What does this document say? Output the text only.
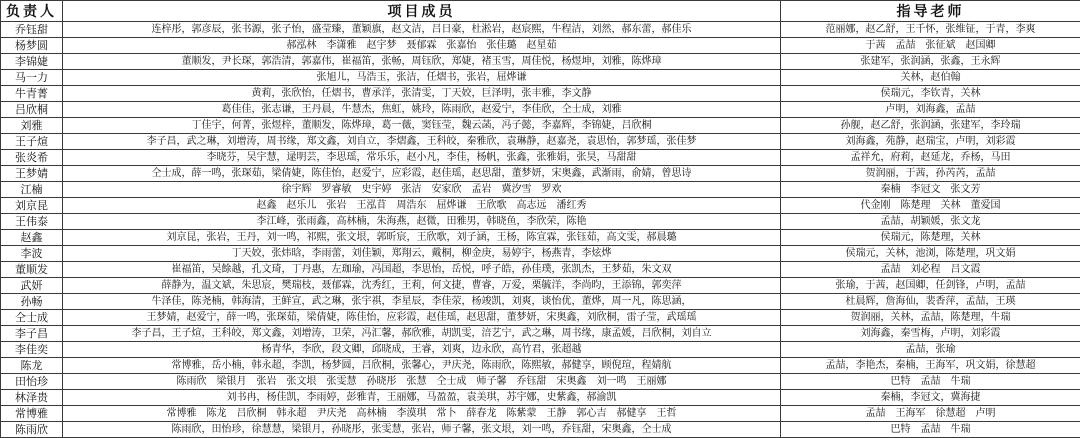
负责人	项目成员	指导老师
乔钰甜	连梓彤，郭彦辰，张书源，张子怡，盛莹臻，董颖旗，赵文洁，吕日豪，杜淞岩，赵宸熙，牛程洁，刘然，郝东蕾，郝佳乐	范丽娜，赵乙舒，王千怀，张维钲，于青，李爽
杨梦圆	郝泓林　李潇雅　赵宇梦　聂郁霖　张嘉怡　张佳璐　赵星茹	于茜　孟喆　张征斌　赵国卿
李锦婕	董顺发，尹长琛，郭浩清，郭嘉伟，崔福笛，张畅，周钰欣，郑婕，褚玉雪，周佳悦，杨煜坤，刘雅，陈烨璋	张建军，张润涵，张鑫，王永辉
马一力	张旭儿，马浩玉，张洁，任熠书，张岩，屈烨谦	关林，赵伯翰
牛青菁	黄莉，张欣怡，任熠书，曹承洋，张清雯，丁天姣，巨泽明，张丰雅，李文静	侯瑞元，李钦青，关林
吕欣桐	葛佳佳，张志谦，王丹晨，牛慧杰，焦虹，姚玲，陈雨欣，赵爱宁，李佳欣，仝士成，刘雅	卢明，刘海鑫，孟喆
刘雅	丁佳宇，何菁，张煜梓，董顺发，陈烨璋，葛一薇，窦钰莹，魏云菡，冯子懿，李嘉辉，李锦婕，吕欣桐	孙舰，赵乙舒，张润涵，张建军，李玲瑞
王子煊	李子昌，武之琳，刘增涛，周书缘，郑文鑫，刘自立，李熠鑫，王科皎，秦雅欣，袁琳静，赵嘉尧，袁思怡，郭梦瑶，张佳梦	刘海鑫，苑静，赵瑞宝，卢明，刘彩霞
张炎希	李晓芬，吴宇慧，逯明芸，李思瑶，常乐乐，赵小凡，李佳，杨帆，张鑫，张雅娟，张昊，马甜甜	孟祥允，府莉，赵延龙，乔杨，马田
王梦婧	仝士成，薛一鸣，张琛茹，梁倩婕，陈佳怡，赵爱宁，应彩霞，赵佳瑶，赵思甜，董梦妍，宋奥鑫，武渐雨，俞婧，曾思诗	贺润丽，于茜，孙芮芮，孟喆
江楠	徐宇辉　罗睿敏　史宇婷　张洁　安家欣　孟岩　冀汐雪　罗欢	秦楠　李冠文　张文芳
刘京昆	赵鑫　赵乐儿　张岩　王泓苜　周浩东　屈烨谦　王欣歌　高志远　潘红秀	代金刚　陈楚理　关林　董爱国
王伟泰	李江峰，张雨鑫，高林楠，朱海燕，赵微，田雅男，韩晓鱼，李欣荣，陈艳	孟喆，胡颖媛，张文龙
赵鑫	刘京昆，张岩，王丹，刘一鸣，祁熙，张文垠，郭昕宸，王欣歌，刘子涵，王杨，陈宣霖，张钰茹，高文雯，郝晨璐	侯瑞元，陈楚理，关林
李波	丁天姣，张炜晗，李雨蕾，刘佳颖，郑翔云，戴桐，柳金庚，易婷宇，杨燕青，李炫烨	侯瑞元，关林，池浏，陈楚理，巩文娟
董顺发	崔福笛，吴餘越，孔文琦，丁丹惠，左珈瑜，冯国超，李思怡，岳悦，呼子皓，孙佳璞，张凯杰，王梦茹，朱文双	孟喆　刘必程　吕文霞
武妍	薛静为，温文斌，朱思宸，樊瑞枝，聂郁霖，沈秀红，王莉，何文捷，曹睿，万爱，栗毓洋，李尚昀，王添锦，郭奕萍	张瑜，于茜，赵国卿，任剑锋，卢明，孟喆
孙畅	牛泽佳，陈尧楠，韩海清，王鲜宣，武之琳，张宇祺，李星辰，李佳荥，杨竣凯，刘爽，谈怡优，董烨，周一凡，陈思涵，	杜晨辉，詹海仙，裴香萍，孟喆，王瑛
仝士成	王梦婧，赵爱宁，薛一鸣，张琛茹，梁倩婕，陈佳怡，应彩霞，赵佳瑶，赵思甜，董梦妍，宋奥鑫，刘欣桐，雷子莹，武瑶瑶	贺润丽，关林，孟喆，陈楚理，牛瑞
李子昌	李子昌，王子煊，王科皎，郑文鑫，刘增涛，卫荣，冯汇馨，郝欣雅，胡凯雯，涪艺宁，武之琳，周书缘，康孟媛，吕欣桐，刘自立	刘海鑫，秦雪梅，卢明，刘彩霞
李佳奕	杨青华，李欣，段文卿，邱晓成，王睿，刘爽，边永欣，高竹君，张超越	孟喆，张瑜
陈龙	常博雅，岳小楠，韩永超，李凯，杨梦圆，吕欣桐，张馨心，尹庆尧，陈雨欣，陈熙敏，郝健享，顾倪瑄，程婧航	孟喆，李艳杰，秦楠，王海军，巩文娟，徐慧超
田怡珍	陈雨欣　梁银月　张岩　张文垠　张雯慧　孙晓彤　张慧　仝士成　师子馨　乔钰甜　宋奥鑫　刘一鸣　王丽娜	巴特　孟喆　牛瑞
林泽贵	刘书冉，杨佳凯，李雨婷，彭雅青，王丽娜，马盈盈，袁美琪，苏宇娜，史紫鑫，郝渝凯	秦楠，李冠文，冀海捷
常博雅	常博雅　陈龙　吕欣桐　韩永超　尹庆尧　高林楠　李漠琪　常卜　薛春龙　陈紫蒙　王静　郭心吉　郝健享　王哲	孟喆　王海军　徐慧超　卢明
陈雨欣	陈雨欣，田怡珍，徐慧慧，梁银月，孙晓彤，张雯慧，张岩，师子馨，张文垠，刘一鸣，乔钰甜，宋奥鑫，仝士成	巴特　孟喆　牛瑞
